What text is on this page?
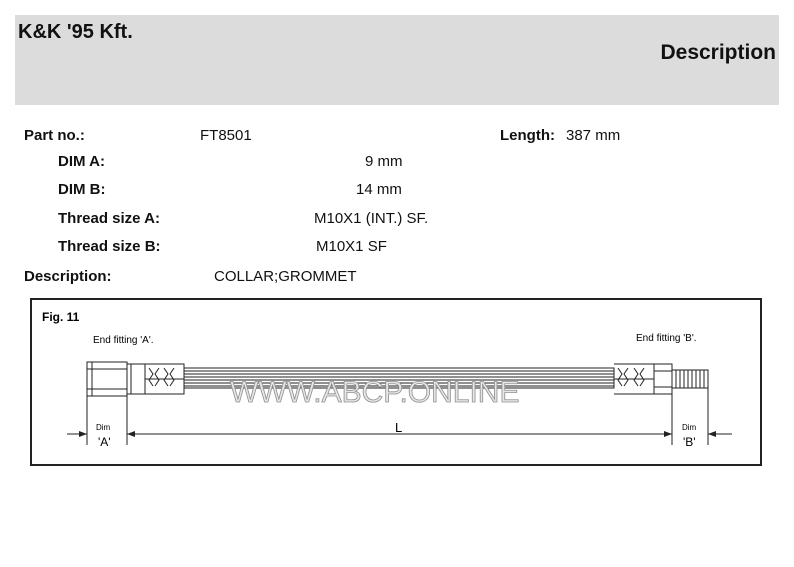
K&K '95 Kft.
Description
Part no.:	FT8501	Length: 387 mm
DIM A:	9 mm
DIM B:	14 mm
Thread size A:	M10X1 (INT.) SF.
Thread size B:	M10X1 SF
Description:	COLLAR;GROMMET
Fig. 11
End fitting 'A'.	End fitting 'B'.
Dim
'A'
L	Dim
'B'
WWW.ABCP.ONLINE
